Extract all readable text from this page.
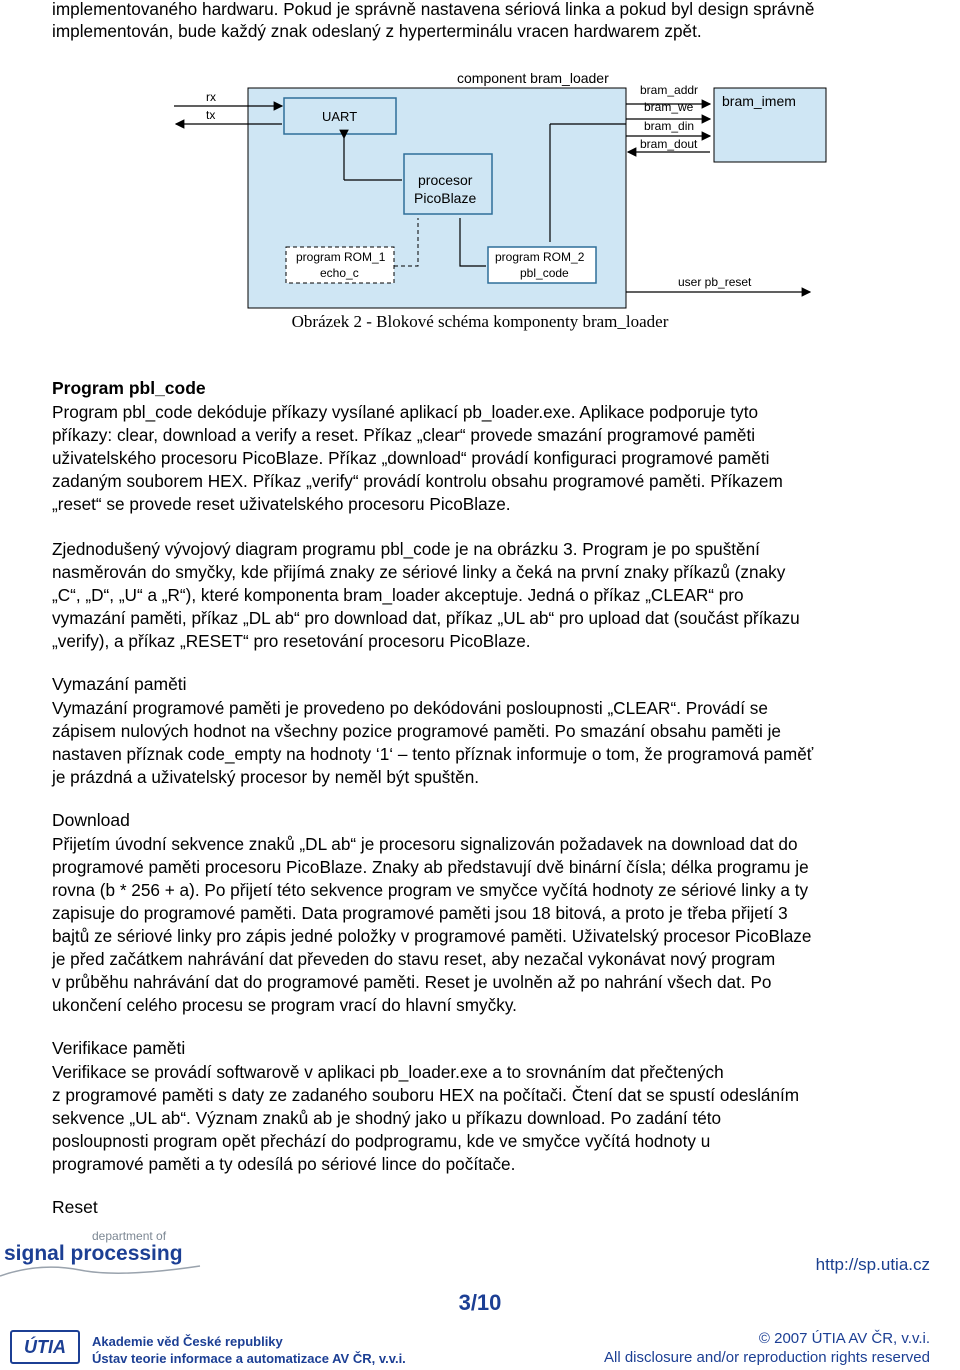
implementovaného hardwaru. Pokud je správně nastavena sériová linka a pokud byl design správně

implementován, bude každý znak odeslaný z hyperterminálu vracen hardwarem zpět.

component bram_loader
rx
tx	UART
procesor
PicoBlaze
program ROM_1
echo_c
program ROM_2
pbl_code
bram_addr
bram_we
bram_din
bram_dout
bram_imem
user pb_reset
Obrázek 2 - Blokové schéma komponenty bram_loader

Program pbl_code

Program pbl_code dekóduje příkazy vysílané aplikací pb_loader.exe. Aplikace podporuje tyto

příkazy: clear, download a verify a reset. Příkaz „clear“ provede smazání programové paměti

uživatelského procesoru PicoBlaze. Příkaz „download“ provádí konfiguraci programové paměti

zadaným souborem HEX. Příkaz „verify“ provádí kontrolu obsahu programové paměti. Příkazem

„reset“ se provede reset uživatelského procesoru PicoBlaze.

Zjednodušený vývojový diagram programu pbl_code je na obrázku 3. Program je po spuštění

nasměrován do smyčky, kde přijímá znaky ze sériové linky a čeká na první znaky příkazů (znaky

„C“, „D“, „U“ a „R“), které komponenta bram_loader akceptuje. Jedná o příkaz „CLEAR“ pro

vymazání paměti, příkaz „DL ab“ pro download dat, příkaz „UL ab“ pro upload dat (součást příkazu

„verify), a příkaz „RESET“ pro resetování procesoru PicoBlaze.

Vymazání paměti

Vymazání programové paměti je provedeno po dekódováni posloupnosti „CLEAR“. Provádí se

zápisem nulových hodnot na všechny pozice programové paměti. Po smazání obsahu paměti je

nastaven příznak code_empty na hodnoty ‘1‘ – tento příznak informuje o tom, že programová paměť

je prázdná a uživatelský procesor by neměl být spuštěn.

Download

Přijetím úvodní sekvence znaků „DL ab“ je procesoru signalizován požadavek na download dat do

programové paměti procesoru PicoBlaze. Znaky ab představují dvě binární čísla; délka programu je

rovna (b * 256 + a). Po přijetí této sekvence program ve smyčce vyčítá hodnoty ze sériové linky a ty

zapisuje do programové paměti. Data programové paměti jsou 18 bitová, a proto je třeba přijetí 3

bajtů ze sériové linky pro zápis jedné položky v programové paměti. Uživatelský procesor PicoBlaze

je před začátkem nahrávání dat převeden do stavu reset, aby nezačal vykonávat nový program

v průběhu nahrávání dat do programové paměti. Reset je uvolněn až po nahrání všech dat. Po

ukončení celého procesu se program vrací do hlavní smyčky.

Verifikace paměti

Verifikace se provádí softwarově v aplikaci pb_loader.exe a to srovnáním dat přečtených

z programové paměti s daty ze zadaného souboru HEX na počítači. Čtení dat se spustí odesláním

sekvence „UL ab“. Význam znaků ab je shodný jako u příkazu download. Po zadání této

posloupnosti program opět přechází do podprogramu, kde ve smyčce vyčítá hodnoty u

programové paměti a ty odesílá po sériové lince do počítače.

Reset

department of
signal processing	http://sp.utia.cz
3/10
ÚTIA	Akademie věd České republiky
Ústav teorie informace a automatizace AV ČR, v.v.i.
© 2007 ÚTIA AV ČR, v.v.i.
All disclosure and/or reproduction rights reserved
